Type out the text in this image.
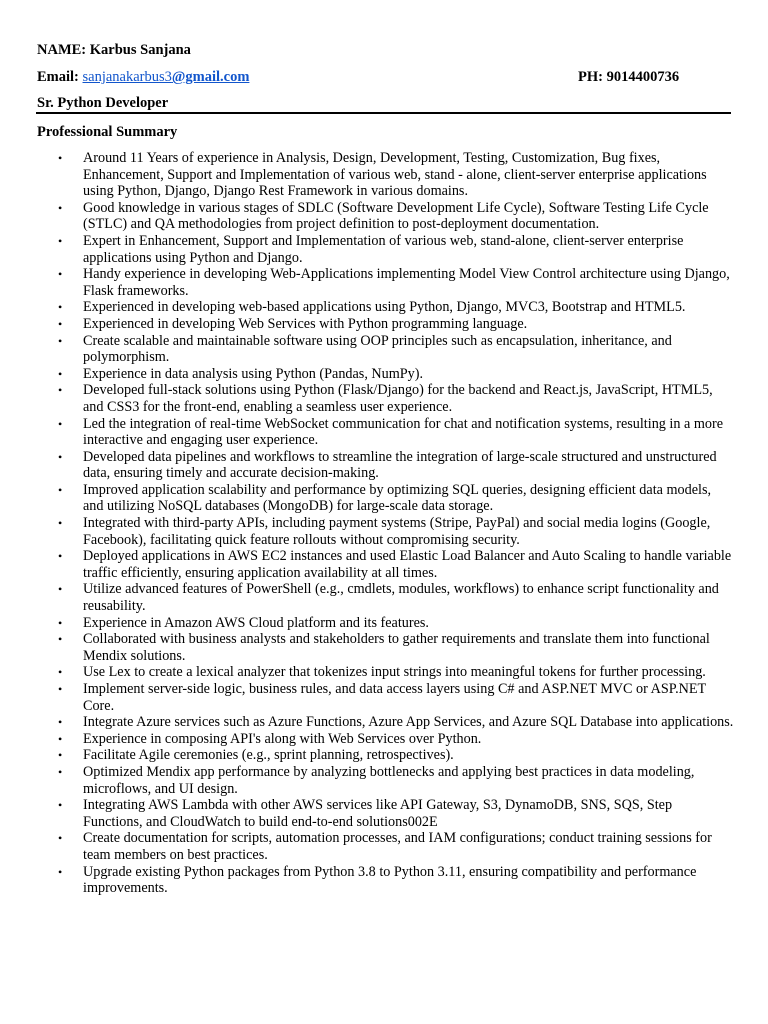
NAME: Karbus Sanjana
Email: sanjanakarbus3@gmail.com	PH: 9014400736
Sr. Python Developer
Professional Summary
• Around 11 Years of experience in Analysis, Design, Development, Testing, Customization, Bug fixes, Enhancement, Support and Implementation of various web, stand - alone, client-server enterprise applications using Python, Django, Django Rest Framework in various domains.
• Good knowledge in various stages of SDLC (Software Development Life Cycle), Software Testing Life Cycle (STLC) and QA methodologies from project definition to post-deployment documentation.
• Expert in Enhancement, Support and Implementation of various web, stand-alone, client-server enterprise applications using Python and Django.
• Handy experience in developing Web-Applications implementing Model View Control architecture using Django, Flask frameworks.
• Experienced in developing web-based applications using Python, Django, MVC3, Bootstrap and HTML5.
• Experienced in developing Web Services with Python programming language.
• Create scalable and maintainable software using OOP principles such as encapsulation, inheritance, and polymorphism.
• Experience in data analysis using Python (Pandas, NumPy).
• Developed full-stack solutions using Python (Flask/Django) for the backend and React.js, JavaScript, HTML5, and CSS3 for the front-end, enabling a seamless user experience.
• Led the integration of real-time WebSocket communication for chat and notification systems, resulting in a more interactive and engaging user experience.
• Developed data pipelines and workflows to streamline the integration of large-scale structured and unstructured data, ensuring timely and accurate decision-making.
• Improved application scalability and performance by optimizing SQL queries, designing efficient data models, and utilizing NoSQL databases (MongoDB) for large-scale data storage.
• Integrated with third-party APIs, including payment systems (Stripe, PayPal) and social media logins (Google, Facebook), facilitating quick feature rollouts without compromising security.
• Deployed applications in AWS EC2 instances and used Elastic Load Balancer and Auto Scaling to handle variable traffic efficiently, ensuring application availability at all times.
• Utilize advanced features of PowerShell (e.g., cmdlets, modules, workflows) to enhance script functionality and reusability.
• Experience in Amazon AWS Cloud platform and its features.
• Collaborated with business analysts and stakeholders to gather requirements and translate them into functional Mendix solutions.
• Use Lex to create a lexical analyzer that tokenizes input strings into meaningful tokens for further processing.
• Implement server-side logic, business rules, and data access layers using C# and ASP.NET MVC or ASP.NET Core.
• Integrate Azure services such as Azure Functions, Azure App Services, and Azure SQL Database into applications.
• Experience in composing API's along with Web Services over Python.
• Facilitate Agile ceremonies (e.g., sprint planning, retrospectives).
• Optimized Mendix app performance by analyzing bottlenecks and applying best practices in data modeling, microflows, and UI design.
• Integrating AWS Lambda with other AWS services like API Gateway, S3, DynamoDB, SNS, SQS, Step Functions, and CloudWatch to build end-to-end solutions002E
• Create documentation for scripts, automation processes, and IAM configurations; conduct training sessions for team members on best practices.
• Upgrade existing Python packages from Python 3.8 to Python 3.11, ensuring compatibility and performance improvements.
